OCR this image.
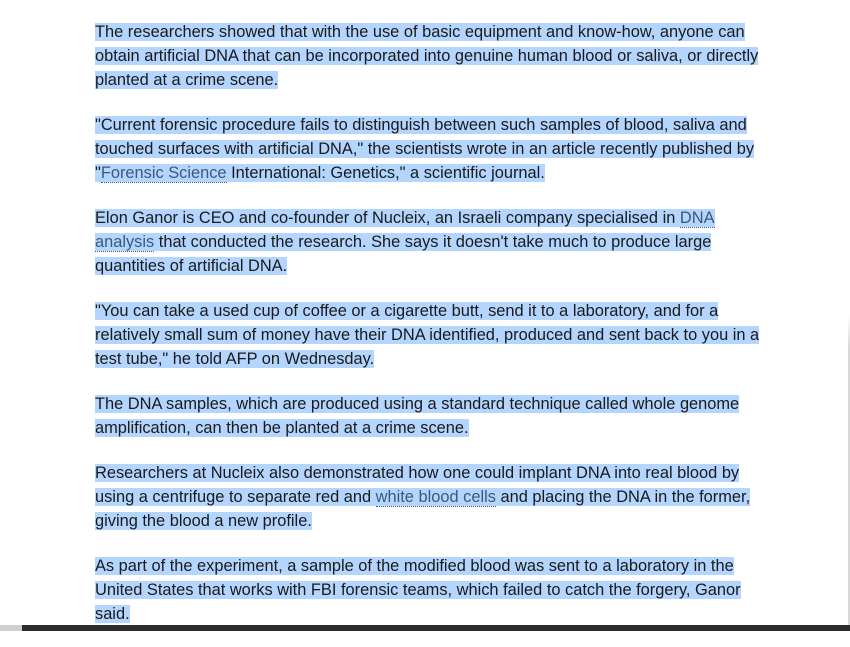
The researchers showed that with the use of basic equipment and know-how, anyone can obtain artificial DNA that can be incorporated into genuine human blood or saliva, or directly planted at a crime scene.

"Current forensic procedure fails to distinguish between such samples of blood, saliva and touched surfaces with artificial DNA," the scientists wrote in an article recently published by "Forensic Science International: Genetics," a scientific journal.

Elon Ganor is CEO and co-founder of Nucleix, an Israeli company specialised in DNA analysis that conducted the research. She says it doesn't take much to produce large quantities of artificial DNA.

"You can take a used cup of coffee or a cigarette butt, send it to a laboratory, and for a relatively small sum of money have their DNA identified, produced and sent back to you in a test tube," he told AFP on Wednesday.

The DNA samples, which are produced using a standard technique called whole genome amplification, can then be planted at a crime scene.

Researchers at Nucleix also demonstrated how one could implant DNA into real blood by using a centrifuge to separate red and white blood cells and placing the DNA in the former, giving the blood a new profile.

As part of the experiment, a sample of the modified blood was sent to a laboratory in the United States that works with FBI forensic teams, which failed to catch the forgery, Ganor said.
